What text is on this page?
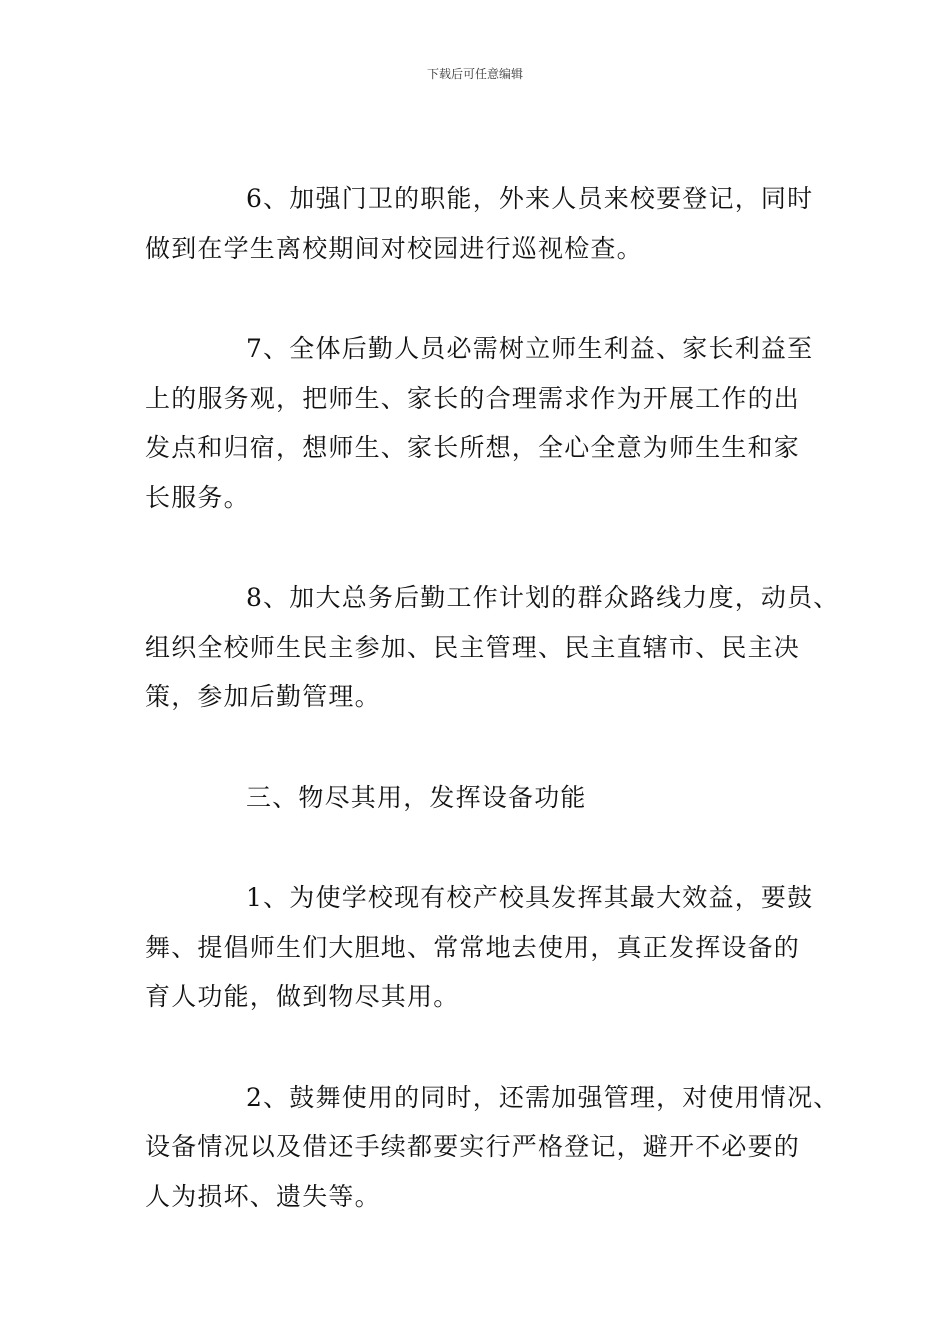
下载后可任意编辑

6、加强门卫的职能，外来人员来校要登记，同时
做到在学生离校期间对校园进行巡视检查。

7、全体后勤人员必需树立师生利益、家长利益至
上的服务观，把师生、家长的合理需求作为开展工作的出
发点和归宿，想师生、家长所想，全心全意为师生生和家
长服务。

8、加大总务后勤工作计划的群众路线力度，动员、
组织全校师生民主参加、民主管理、民主直辖市、民主决
策，参加后勤管理。

三、物尽其用，发挥设备功能

1、为使学校现有校产校具发挥其最大效益，要鼓
舞、提倡师生们大胆地、常常地去使用，真正发挥设备的
育人功能，做到物尽其用。

2、鼓舞使用的同时，还需加强管理，对使用情况、
设备情况以及借还手续都要实行严格登记，避开不必要的
人为损坏、遗失等。
